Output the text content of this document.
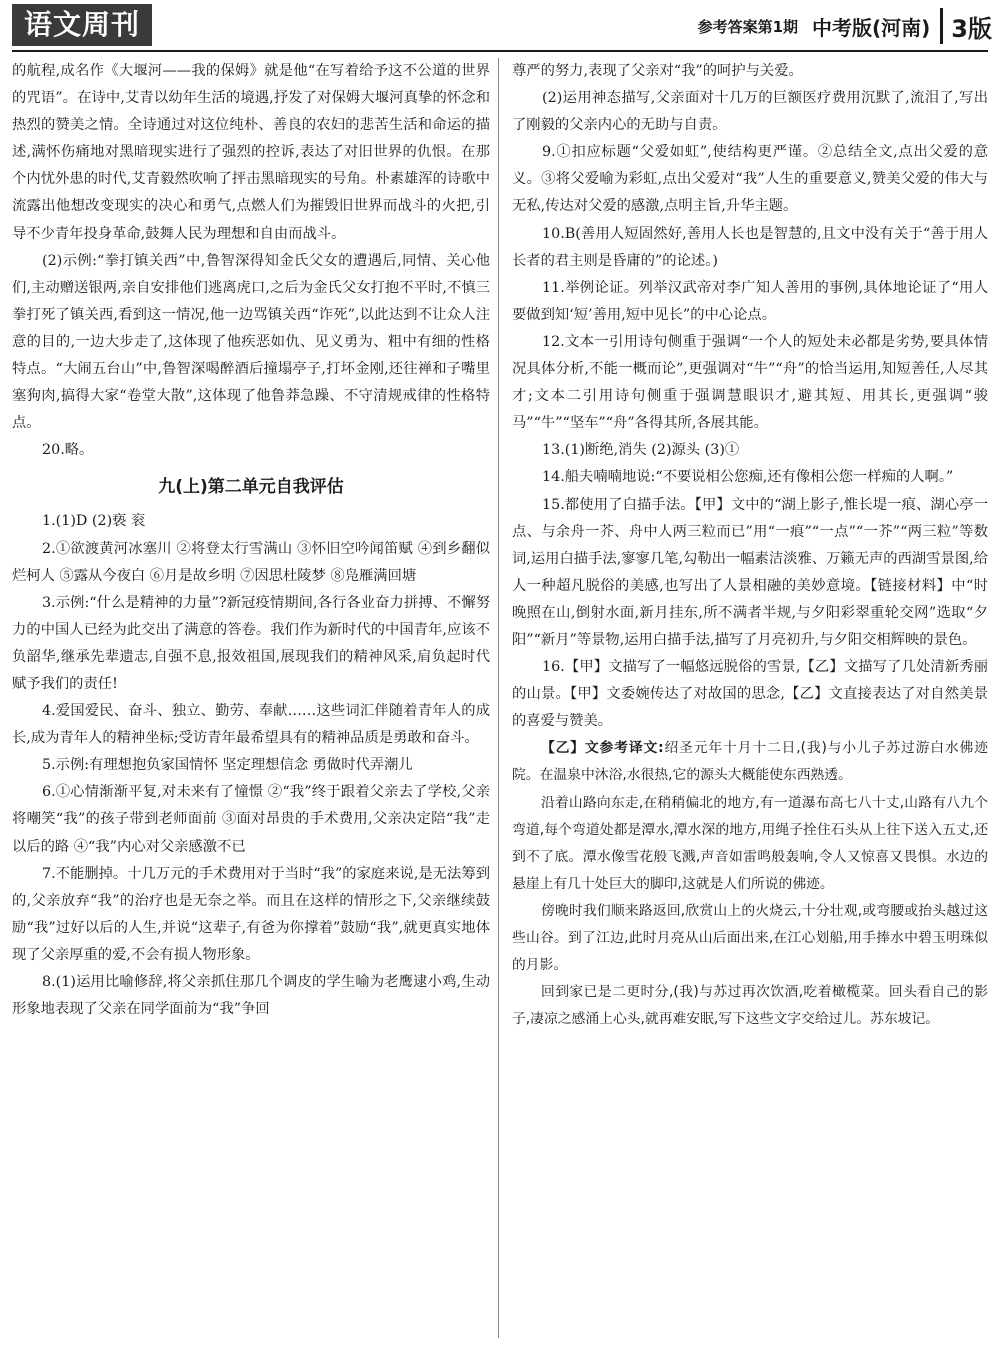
语文周刊	参考答案第1期 中考版(河南) 3版

的航程,成名作《大堰河——我的保姆》就是他“在写着给予这不公道的世界的咒语”。在诗中,艾青以幼年生活的境遇,抒发了对保姆大堰河真挚的怀念和热烈的赞美之情。全诗通过对这位纯朴、善良的农妇的悲苦生活和命运的描述,满怀伤痛地对黑暗现实进行了强烈的控诉,表达了对旧世界的仇恨。在那个内忧外患的时代,艾青毅然吹响了抨击黑暗现实的号角。朴素雄浑的诗歌中流露出他想改变现实的决心和勇气,点燃人们为摧毁旧世界而战斗的火把,引导不少青年投身革命,鼓舞人民为理想和自由而战斗。

(2)示例:“拳打镇关西”中,鲁智深得知金氏父女的遭遇后,同情、关心他们,主动赠送银两,亲自安排他们逃离虎口,之后为金氏父女打抱不平时,不慎三拳打死了镇关西,看到这一情况,他一边骂镇关西“诈死”,以此达到不让众人注意的目的,一边大步走了,这体现了他疾恶如仇、见义勇为、粗中有细的性格特点。“大闹五台山”中,鲁智深喝醉酒后撞塌亭子,打坏金刚,还往禅和子嘴里塞狗肉,搞得大家“卷堂大散”,这体现了他鲁莽急躁、不守清规戒律的性格特点。

20.略。

九(上)第二单元自我评估

1.(1)D (2)亵 衮

2.①欲渡黄河冰塞川 ②将登太行雪满山 ③怀旧空吟闻笛赋 ④到乡翻似烂柯人 ⑤露从今夜白 ⑥月是故乡明 ⑦因思杜陵梦 ⑧凫雁满回塘

3.示例:“什么是精神的力量”?新冠疫情期间,各行各业奋力拼搏、不懈努力的中国人已经为此交出了满意的答卷。我们作为新时代的中国青年,应该不负韶华,继承先辈遗志,自强不息,报效祖国,展现我们的精神风采,肩负起时代赋予我们的责任!

4.爱国爱民、奋斗、独立、勤劳、奉献……这些词汇伴随着青年人的成长,成为青年人的精神坐标;受访青年最希望具有的精神品质是勇敢和奋斗。

5.示例:有理想抱负家国情怀 坚定理想信念 勇做时代弄潮儿

6.①心情渐渐平复,对未来有了憧憬 ②“我”终于跟着父亲去了学校,父亲将嘲笑“我”的孩子带到老师面前 ③面对昂贵的手术费用,父亲决定陪“我”走以后的路 ④“我”内心对父亲感激不已

7.不能删掉。十几万元的手术费用对于当时“我”的家庭来说,是无法筹到的,父亲放弃“我”的治疗也是无奈之举。而且在这样的情形之下,父亲继续鼓励“我”过好以后的人生,并说“这辈子,有爸为你撑着”鼓励“我”,就更真实地体现了父亲厚重的爱,不会有损人物形象。

8.(1)运用比喻修辞,将父亲抓住那几个调皮的学生喻为老鹰逮小鸡,生动形象地表现了父亲在同学面前为“我”争回

尊严的努力,表现了父亲对“我”的呵护与关爱。

(2)运用神态描写,父亲面对十几万的巨额医疗费用沉默了,流泪了,写出了刚毅的父亲内心的无助与自责。

9.①扣应标题“父爱如虹”,使结构更严谨。②总结全文,点出父爱的意义。③将父爱喻为彩虹,点出父爱对“我”人生的重要意义,赞美父爱的伟大与无私,传达对父爱的感激,点明主旨,升华主题。

10.B(善用人短固然好,善用人长也是智慧的,且文中没有关于“善于用人长者的君主则是昏庸的”的论述。)

11.举例论证。列举汉武帝对李广知人善用的事例,具体地论证了“用人要做到知‘短’善用,短中见长”的中心论点。

12.文本一引用诗句侧重于强调“一个人的短处未必都是劣势,要具体情况具体分析,不能一概而论”,更强调对“牛”“舟”的恰当运用,知短善任,人尽其才;文本二引用诗句侧重于强调慧眼识才,避其短、用其长,更强调“骏马”“牛”“坚车”“舟”各得其所,各展其能。

13.(1)断绝,消失 (2)源头 (3)①

14.船夫喃喃地说:“不要说相公您痴,还有像相公您一样痴的人啊。”

15.都使用了白描手法。【甲】文中的“湖上影子,惟长堤一痕、湖心亭一点、与余舟一芥、舟中人两三粒而已”用“一痕”“一点”“一芥”“两三粒”等数词,运用白描手法,寥寥几笔,勾勒出一幅素洁淡雅、万籁无声的西湖雪景图,给人一种超凡脱俗的美感,也写出了人景相融的美妙意境。【链接材料】中“时晚照在山,倒射水面,新月挂东,所不满者半规,与夕阳彩翠重轮交网”选取“夕阳”“新月”等景物,运用白描手法,描写了月亮初升,与夕阳交相辉映的景色。

16.【甲】文描写了一幅悠远脱俗的雪景,【乙】文描写了几处清新秀丽的山景。【甲】文委婉传达了对故国的思念,【乙】文直接表达了对自然美景的喜爱与赞美。

【乙】文参考译文:绍圣元年十月十二日,(我)与小儿子苏过游白水佛迹院。在温泉中沐浴,水很热,它的源头大概能使东西熟透。

沿着山路向东走,在稍稍偏北的地方,有一道瀑布高七八十丈,山路有八九个弯道,每个弯道处都是潭水,潭水深的地方,用绳子拴住石头从上往下送入五丈,还到不了底。潭水像雪花般飞溅,声音如雷鸣般轰响,令人又惊喜又畏惧。水边的悬崖上有几十处巨大的脚印,这就是人们所说的佛迹。

傍晚时我们顺来路返回,欣赏山上的火烧云,十分壮观,或弯腰或抬头越过这些山谷。到了江边,此时月亮从山后面出来,在江心划船,用手捧水中碧玉明珠似的月影。

回到家已是二更时分,(我)与苏过再次饮酒,吃着橄榄菜。回头看自己的影子,凄凉之感涌上心头,就再难安眠,写下这些文字交给过儿。苏东坡记。
